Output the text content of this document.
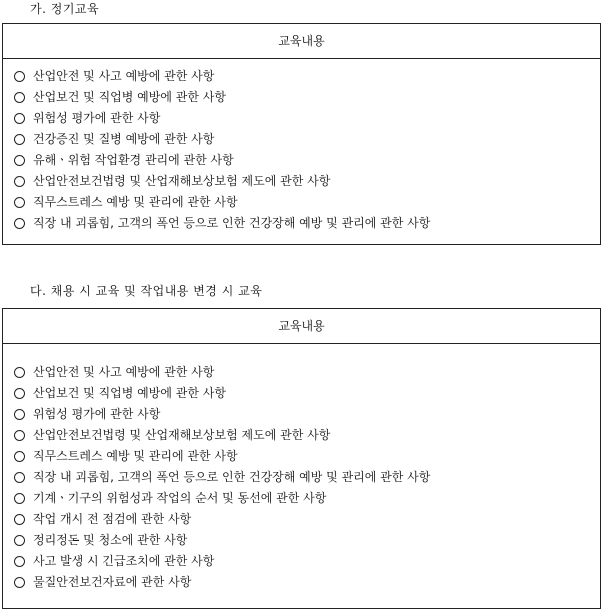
가. 정기교육
교육내용
산업안전 및 사고 예방에 관한 사항
산업보건 및 직업병 예방에 관한 사항
위험성 평가에 관한 사항
건강증진 및 질병 예방에 관한 사항
유해ㆍ위험 작업환경 관리에 관한 사항
산업안전보건법령 및 산업재해보상보험 제도에 관한 사항
직무스트레스 예방 및 관리에 관한 사항
직장 내 괴롭힘, 고객의 폭언 등으로 인한 건강장해 예방 및 관리에 관한 사항
다. 채용 시 교육 및 작업내용 변경 시 교육
교육내용
산업안전 및 사고 예방에 관한 사항
산업보건 및 직업병 예방에 관한 사항
위험성 평가에 관한 사항
산업안전보건법령 및 산업재해보상보험 제도에 관한 사항
직무스트레스 예방 및 관리에 관한 사항
직장 내 괴롭힘, 고객의 폭언 등으로 인한 건강장해 예방 및 관리에 관한 사항
기계ㆍ기구의 위험성과 작업의 순서 및 동선에 관한 사항
작업 개시 전 점검에 관한 사항
정리정돈 및 청소에 관한 사항
사고 발생 시 긴급조치에 관한 사항
물질안전보건자료에 관한 사항
